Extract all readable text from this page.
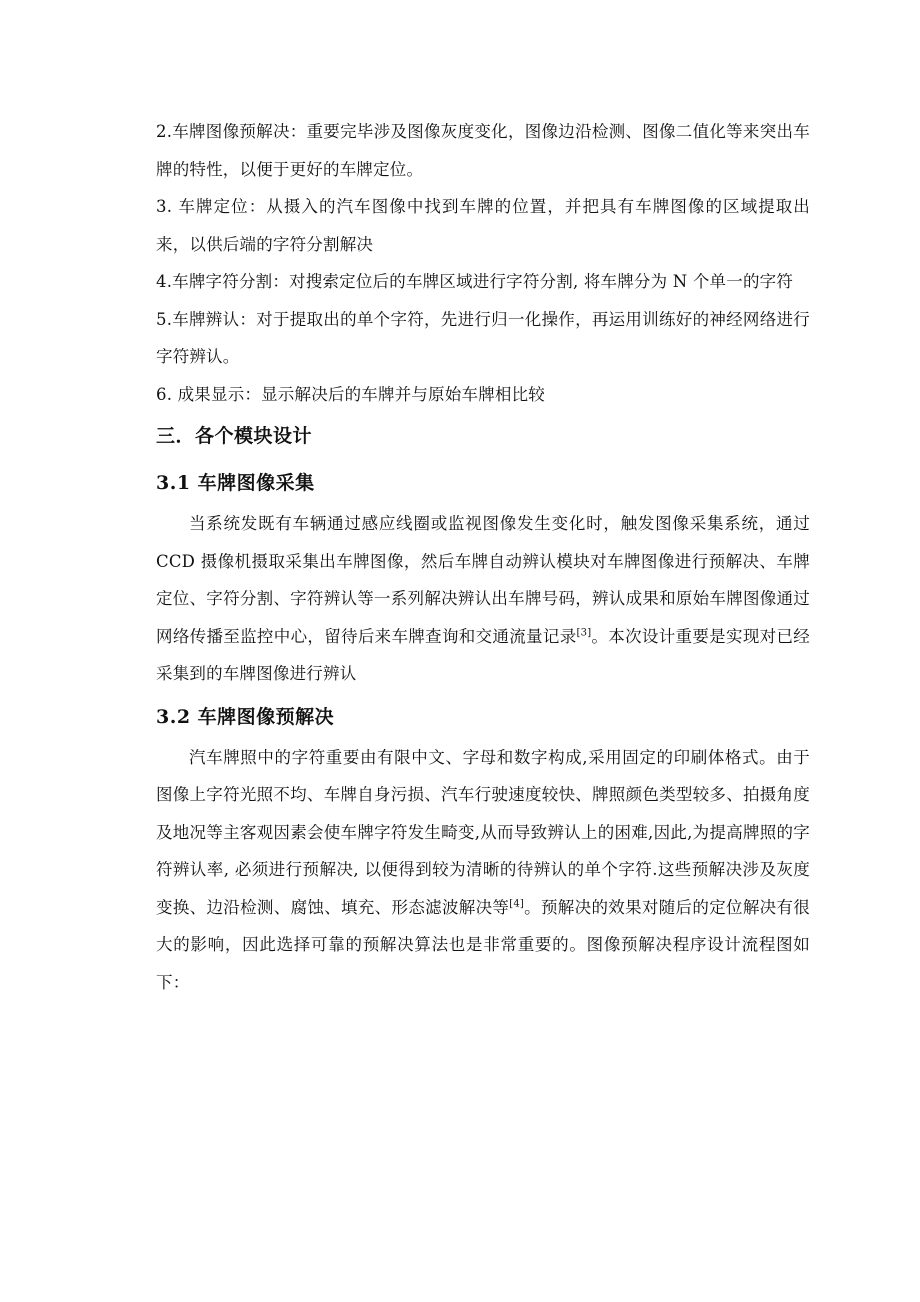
2.车牌图像预解决：重要完毕涉及图像灰度变化，图像边沿检测、图像二值化等来突出车牌的特性，以便于更好的车牌定位。

3. 车牌定位：从摄入的汽车图像中找到车牌的位置，并把具有车牌图像的区域提取出来，以供后端的字符分割解决

4.车牌字符分割：对搜索定位后的车牌区域进行字符分割, 将车牌分为 N 个单一的字符

5.车牌辨认：对于提取出的单个字符，先进行归一化操作，再运用训练好的神经网络进行字符辨认。

6. 成果显示：显示解决后的车牌并与原始车牌相比较

三．各个模块设计
3.1 车牌图像采集

当系统发既有车辆通过感应线圈或监视图像发生变化时，触发图像采集系统，通过 CCD 摄像机摄取采集出车牌图像，然后车牌自动辨认模块对车牌图像进行预解决、车牌定位、字符分割、字符辨认等一系列解决辨认出车牌号码，辨认成果和原始车牌图像通过网络传播至监控中心，留待后来车牌查询和交通流量记录[3]。本次设计重要是实现对已经采集到的车牌图像进行辨认

3.2 车牌图像预解决

汽车牌照中的字符重要由有限中文、字母和数字构成,采用固定的印刷体格式。由于图像上字符光照不均、车牌自身污损、汽车行驶速度较快、牌照颜色类型较多、拍摄角度及地况等主客观因素会使车牌字符发生畸变,从而导致辨认上的困难,因此,为提高牌照的字符辨认率, 必须进行预解决, 以便得到较为清晰的待辨认的单个字符.这些预解决涉及灰度变换、边沿检测、腐蚀、填充、形态滤波解决等[4]。预解决的效果对随后的定位解决有很大的影响，因此选择可靠的预解决算法也是非常重要的。图像预解决程序设计流程图如下：
